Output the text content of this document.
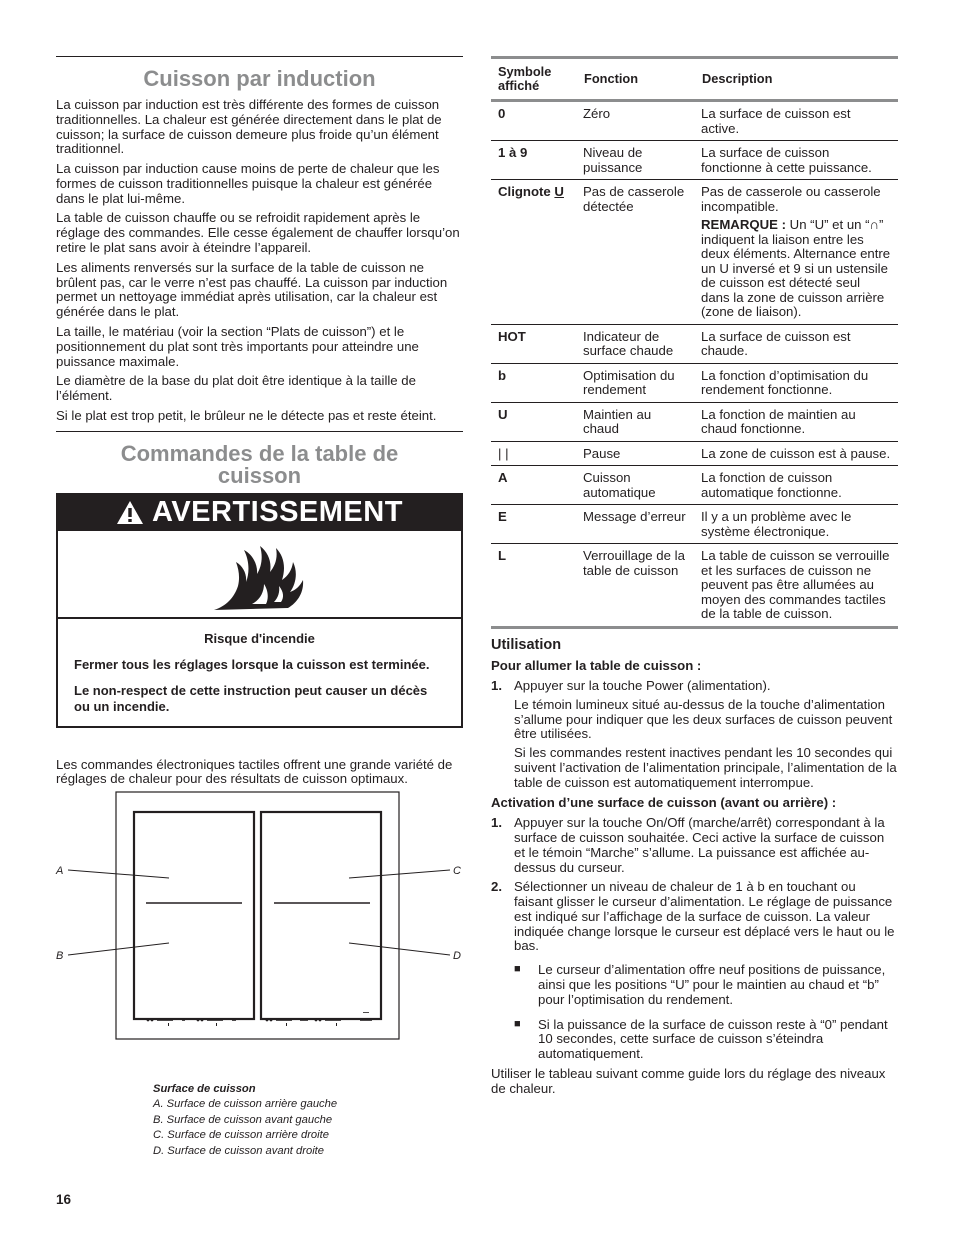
Cuisson par induction

La cuisson par induction est très différente des formes de cuisson traditionnelles. La chaleur est générée directement dans le plat de cuisson; la surface de cuisson demeure plus froide qu’un élément traditionnel.

La cuisson par induction cause moins de perte de chaleur que les formes de cuisson traditionnelles puisque la chaleur est générée dans le plat lui-même.

La table de cuisson chauffe ou se refroidit rapidement après le réglage des commandes. Elle cesse également de chauffer lorsqu’on retire le plat sans avoir à éteindre l’appareil.

Les aliments renversés sur la surface de la table de cuisson ne brûlent pas, car le verre n’est pas chauffé. La cuisson par induction permet un nettoyage immédiat après utilisation, car la chaleur est générée dans le plat.

La taille, le matériau (voir la section “Plats de cuisson”) et le positionnement du plat sont très importants pour atteindre une puissance maximale.

Le diamètre de la base du plat doit être identique à la taille de l’élément.

Si le plat est trop petit, le brûleur ne le détecte pas et reste éteint.

Commandes de la table de
cuisson
AVERTISSEMENT
Risque d'incendie

Fermer tous les réglages lorsque la cuisson est terminée.

Le non-respect de cette instruction peut causer un décès ou un incendie.

Les commandes électroniques tactiles offrent une grande variété de réglages de chaleur pour des résultats de cuisson optimaux.

A
B
C
D
Surface de cuisson
A. Surface de cuisson arrière gauche
B. Surface de cuisson avant gauche
C. Surface de cuisson arrière droite
D. Surface de cuisson avant droite
Symbole affiché	Fonction	Description
0	Zéro	La surface de cuisson est active.
1 à 9	Niveau de puissance	La surface de cuisson fonctionne à cette puissance.
Clignote U	Pas de casserole détectée	Pas de casserole ou casserole incompatible.
REMARQUE : Un “U” et un “∩” indiquent la liaison entre les deux éléments. Alternance entre un U inversé et 9 si un ustensile de cuisson est détecté seul dans la zone de cuisson arrière (zone de liaison).

HOT	Indicateur de surface chaude	La surface de cuisson est chaude.
b	Optimisation du rendement	La fonction d’optimisation du rendement fonctionne.
U	Maintien au chaud	La fonction de maintien au chaud fonctionne.
| |	Pause	La zone de cuisson est à pause.
A	Cuisson automatique	La fonction de cuisson automatique fonctionne.
E	Message d’erreur	Il y a un problème avec le système électronique.
L	Verrouillage de la table de cuisson	La table de cuisson se verrouille et les surfaces de cuisson ne peuvent pas être allumées au moyen des commandes tactiles de la table de cuisson.
Utilisation
Pour allumer la table de cuisson :
1. Appuyer sur la touche Power (alimentation).
Le témoin lumineux situé au-dessus de la touche d’alimentation s’allume pour indiquer que les deux surfaces de cuisson peuvent être utilisées.
Si les commandes restent inactives pendant les 10 secondes qui suivent l’activation de l’alimentation principale, l’alimentation de la table de cuisson est automatiquement interrompue.
Activation d’une surface de cuisson (avant ou arrière) :
1. Appuyer sur la touche On/Off (marche/arrêt) correspondant à la surface de cuisson souhaitée. Ceci active la surface de cuisson et le témoin “Marche” s’allume. La puissance est affichée au-dessus du curseur.
2. Sélectionner un niveau de chaleur de 1 à b en touchant ou faisant glisser le curseur d’alimentation. Le réglage de puissance est indiqué sur l’affichage de la surface de cuisson. La valeur indiquée change lorsque le curseur est déplacé vers le haut ou le bas.
■ Le curseur d’alimentation offre neuf positions de puissance, ainsi que les positions “U” pour le maintien au chaud et “b” pour l’optimisation du rendement.
■ Si la puissance de la surface de cuisson reste à “0” pendant 10 secondes, cette surface de cuisson s’éteindra automatiquement.
Utiliser le tableau suivant comme guide lors du réglage des niveaux de chaleur.
16
